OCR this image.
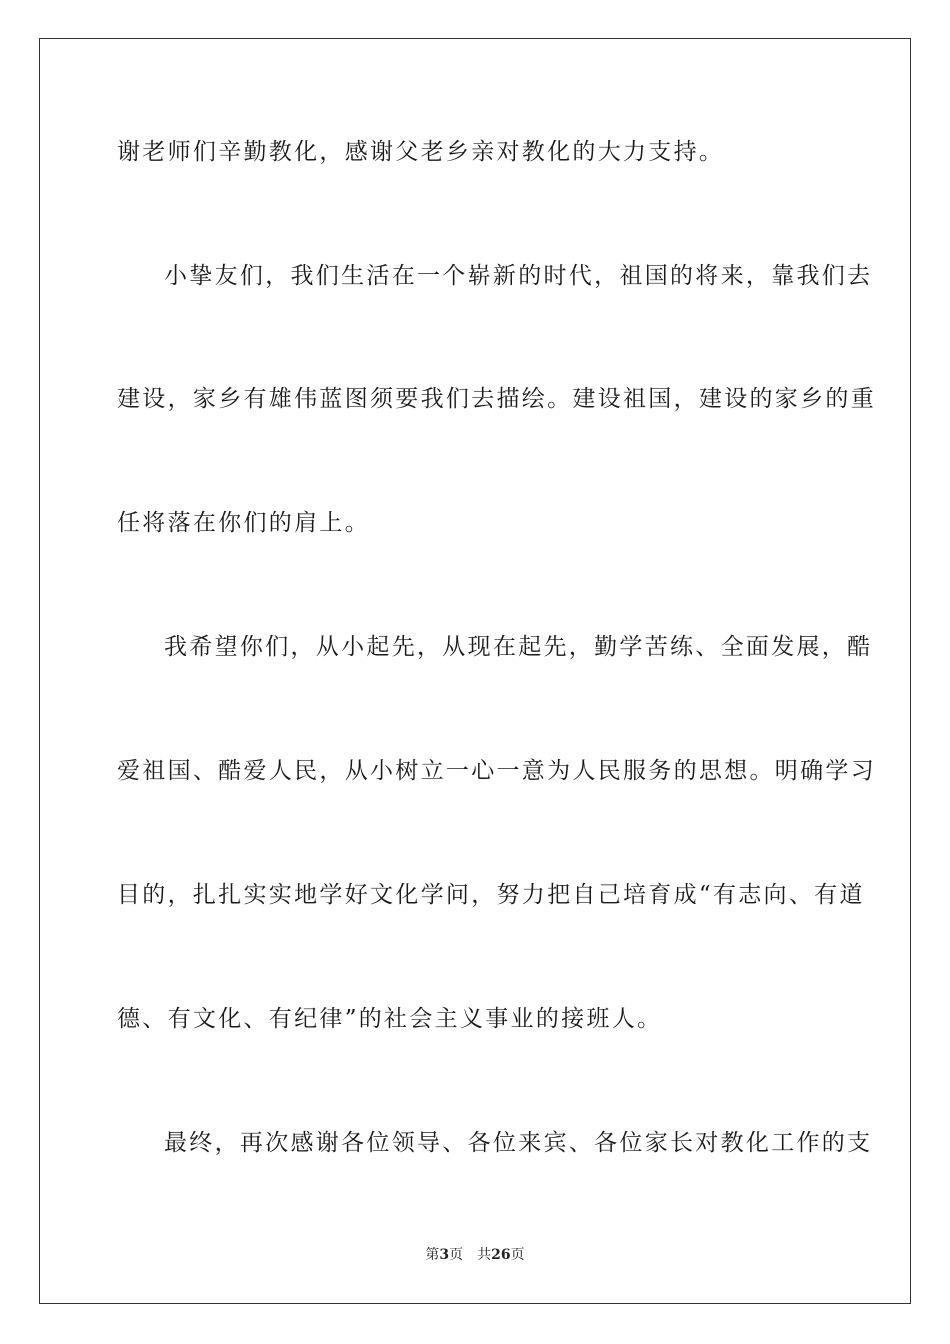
谢老师们辛勤教化，感谢父老乡亲对教化的大力支持。
小挚友们，我们生活在一个崭新的时代，祖国的将来，靠我们去
建设，家乡有雄伟蓝图须要我们去描绘。建设祖国，建设的家乡的重
任将落在你们的肩上。
我希望你们，从小起先，从现在起先，勤学苦练、全面发展，酷
爱祖国、酷爱人民，从小树立一心一意为人民服务的思想。明确学习
目的，扎扎实实地学好文化学问，努力把自己培育成“有志向、有道
德、有文化、有纪律”的社会主义事业的接班人。
最终，再次感谢各位领导、各位来宾、各位家长对教化工作的支
第3页 共26页
